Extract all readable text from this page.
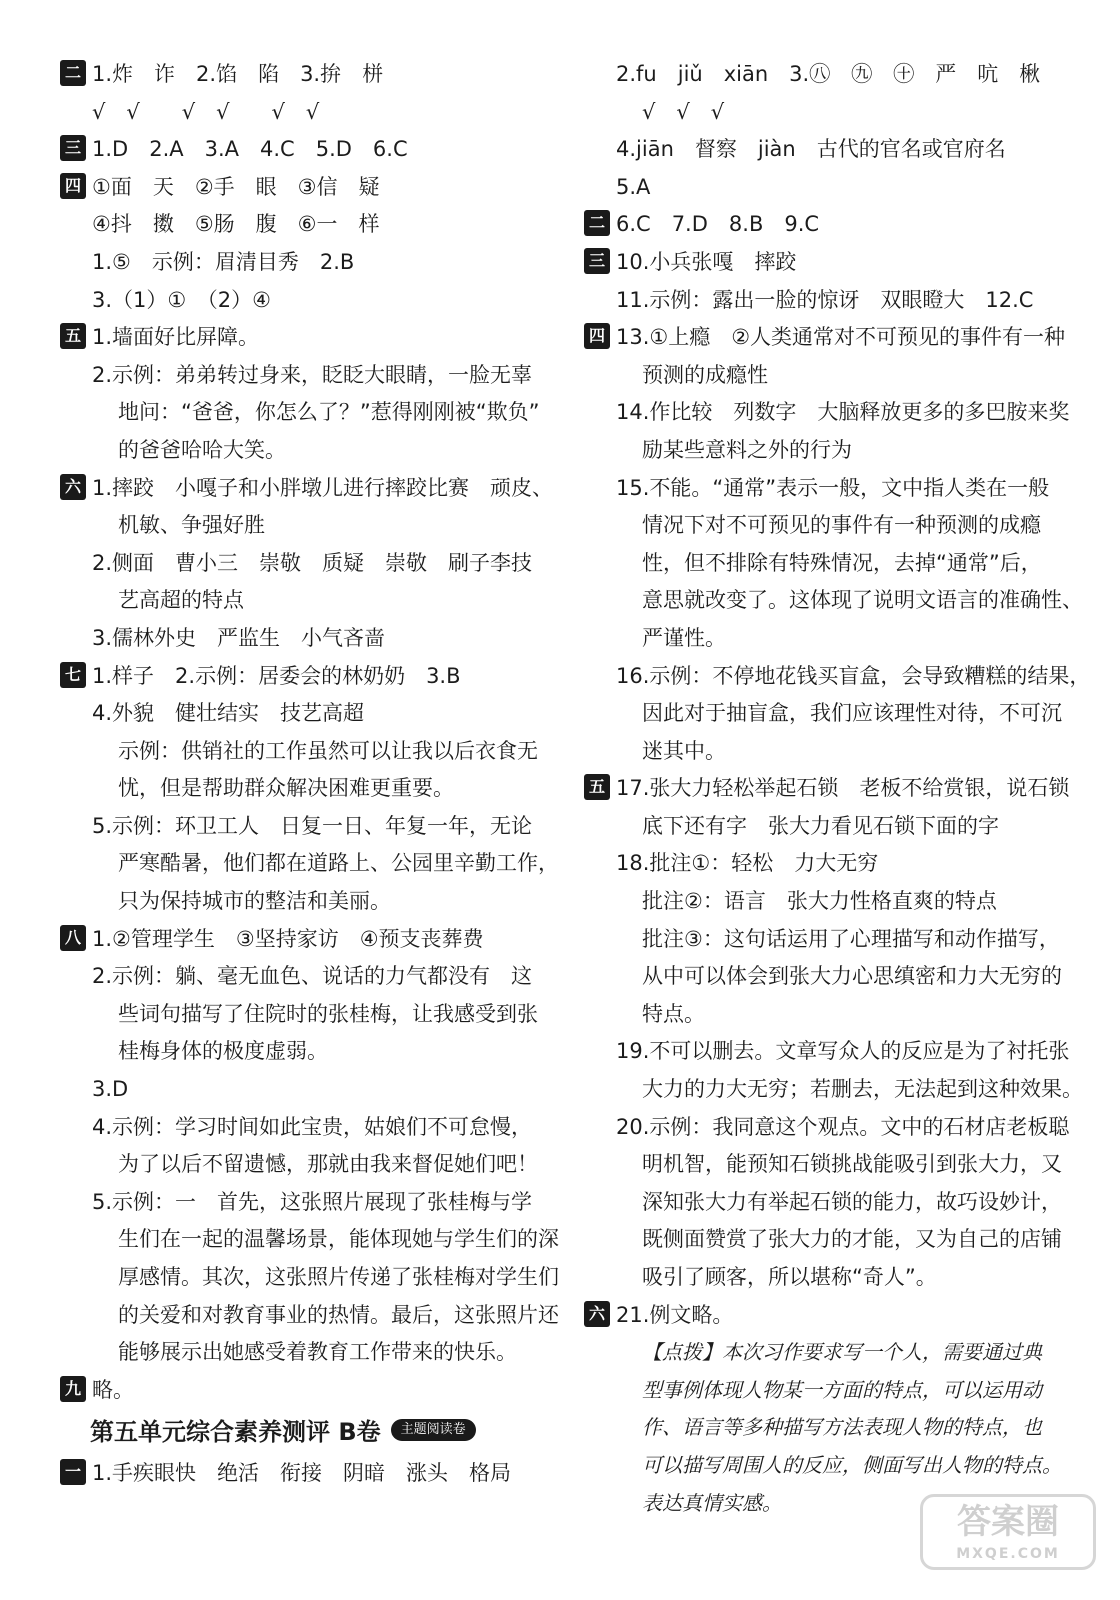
二 1.炸　诈　2.馅　陷　3.拚　栟
√　√　　√　√　　√　√
三 1.D　2.A　3.A　4.C　5.D　6.C
四 ①面　天　②手　眼　③信　疑
④抖　擞　⑤肠　腹　⑥一　样
1.⑤　示例：眉清目秀　2.B
3.（1）①　（2）④
五 1.墙面好比屏障。
2.示例：弟弟转过身来，眨眨大眼睛，一脸无辜
地问：“爸爸，你怎么了？”惹得刚刚被“欺负”
的爸爸哈哈大笑。
六 1.摔跤　小嘎子和小胖墩儿进行摔跤比赛　顽皮、
机敏、争强好胜
2.侧面　曹小三　崇敬　质疑　崇敬　刷子李技
艺高超的特点
3.儒林外史　严监生　小气吝啬
七 1.样子　2.示例：居委会的林奶奶　3.B
4.外貌　健壮结实　技艺高超
示例：供销社的工作虽然可以让我以后衣食无
忧，但是帮助群众解决困难更重要。
5.示例：环卫工人　日复一日、年复一年，无论
严寒酷暑，他们都在道路上、公园里辛勤工作，
只为保持城市的整洁和美丽。
八 1.②管理学生　③坚持家访　④预支丧葬费
2.示例：躺、毫无血色、说话的力气都没有　这
些词句描写了住院时的张桂梅，让我感受到张
桂梅身体的极度虚弱。
3.D
4.示例：学习时间如此宝贵，姑娘们不可怠慢，
为了以后不留遗憾，那就由我来督促她们吧！
5.示例：一　首先，这张照片展现了张桂梅与学
生们在一起的温馨场景，能体现她与学生们的深
厚感情。其次，这张照片传递了张桂梅对学生们
的关爱和对教育事业的热情。最后，这张照片还
能够展示出她感受着教育工作带来的快乐。
九 略。
第五单元综合素养测评 B卷 主题阅读卷
一 1.手疾眼快　绝活　衔接　阴暗　涨头　格局
2.fu　jiǔ　xiān　3.㊇　㊈　㊉　严　吭　楸
√　√　√
4.jiān　督察　jiàn　古代的官名或官府名
5.A
二 6.C　7.D　8.B　9.C
三 10.小兵张嘎　摔跤
11.示例：露出一脸的惊讶　双眼瞪大　12.C
四 13.①上瘾　②人类通常对不可预见的事件有一种
预测的成瘾性
14.作比较　列数字　大脑释放更多的多巴胺来奖
励某些意料之外的行为
15.不能。“通常”表示一般，文中指人类在一般
情况下对不可预见的事件有一种预测的成瘾
性，但不排除有特殊情况，去掉“通常”后，
意思就改变了。这体现了说明文语言的准确性、
严谨性。
16.示例：不停地花钱买盲盒，会导致糟糕的结果，
因此对于抽盲盒，我们应该理性对待，不可沉
迷其中。
五 17.张大力轻松举起石锁　老板不给赏银，说石锁
底下还有字　张大力看见石锁下面的字
18.批注①：轻松　力大无穷
批注②：语言　张大力性格直爽的特点
批注③：这句话运用了心理描写和动作描写，
从中可以体会到张大力心思缜密和力大无穷的
特点。
19.不可以删去。文章写众人的反应是为了衬托张
大力的力大无穷；若删去，无法起到这种效果。
20.示例：我同意这个观点。文中的石材店老板聪
明机智，能预知石锁挑战能吸引到张大力，又
深知张大力有举起石锁的能力，故巧设妙计，
既侧面赞赏了张大力的才能，又为自己的店铺
吸引了顾客，所以堪称“奇人”。
六 21.例文略。
【点拨】本次习作要求写一个人，需要通过典
型事例体现人物某一方面的特点，可以运用动
作、语言等多种描写方法表现人物的特点，也
可以描写周围人的反应，侧面写出人物的特点。
表达真情实感。	答案圈
MXQE.COM
